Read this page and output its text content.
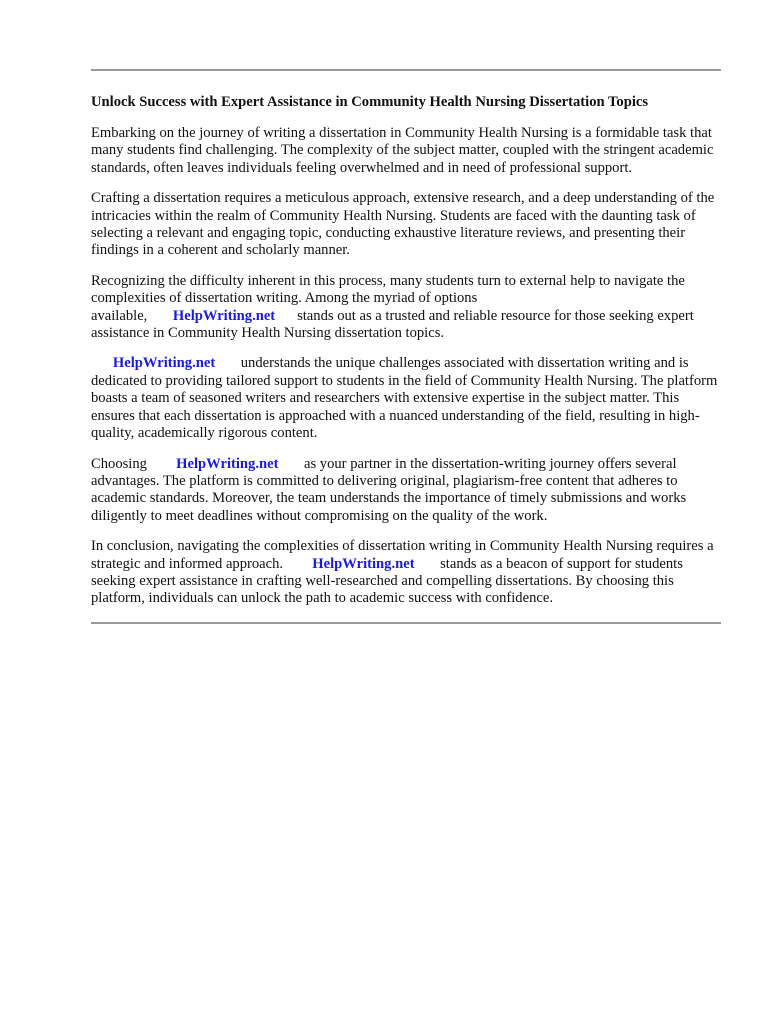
Unlock Success with Expert Assistance in Community Health Nursing Dissertation Topics

Embarking on the journey of writing a dissertation in Community Health Nursing is a formidable task that many students find challenging. The complexity of the subject matter, coupled with the stringent academic standards, often leaves individuals feeling overwhelmed and in need of professional support.

Crafting a dissertation requires a meticulous approach, extensive research, and a deep understanding of the intricacies within the realm of Community Health Nursing. Students are faced with the daunting task of selecting a relevant and engaging topic, conducting exhaustive literature reviews, and presenting their findings in a coherent and scholarly manner.

Recognizing the difficulty inherent in this process, many students turn to external help to navigate the complexities of dissertation writing. Among the myriad of options available, HelpWriting.net stands out as a trusted and reliable resource for those seeking expert assistance in Community Health Nursing dissertation topics.

HelpWriting.net understands the unique challenges associated with dissertation writing and is dedicated to providing tailored support to students in the field of Community Health Nursing. The platform boasts a team of seasoned writers and researchers with extensive expertise in the subject matter. This ensures that each dissertation is approached with a nuanced understanding of the field, resulting in high-quality, academically rigorous content.

Choosing HelpWriting.net as your partner in the dissertation-writing journey offers several advantages. The platform is committed to delivering original, plagiarism-free content that adheres to academic standards. Moreover, the team understands the importance of timely submissions and works diligently to meet deadlines without compromising on the quality of the work.

In conclusion, navigating the complexities of dissertation writing in Community Health Nursing requires a strategic and informed approach. HelpWriting.net stands as a beacon of support for students seeking expert assistance in crafting well-researched and compelling dissertations. By choosing this platform, individuals can unlock the path to academic success with confidence.
